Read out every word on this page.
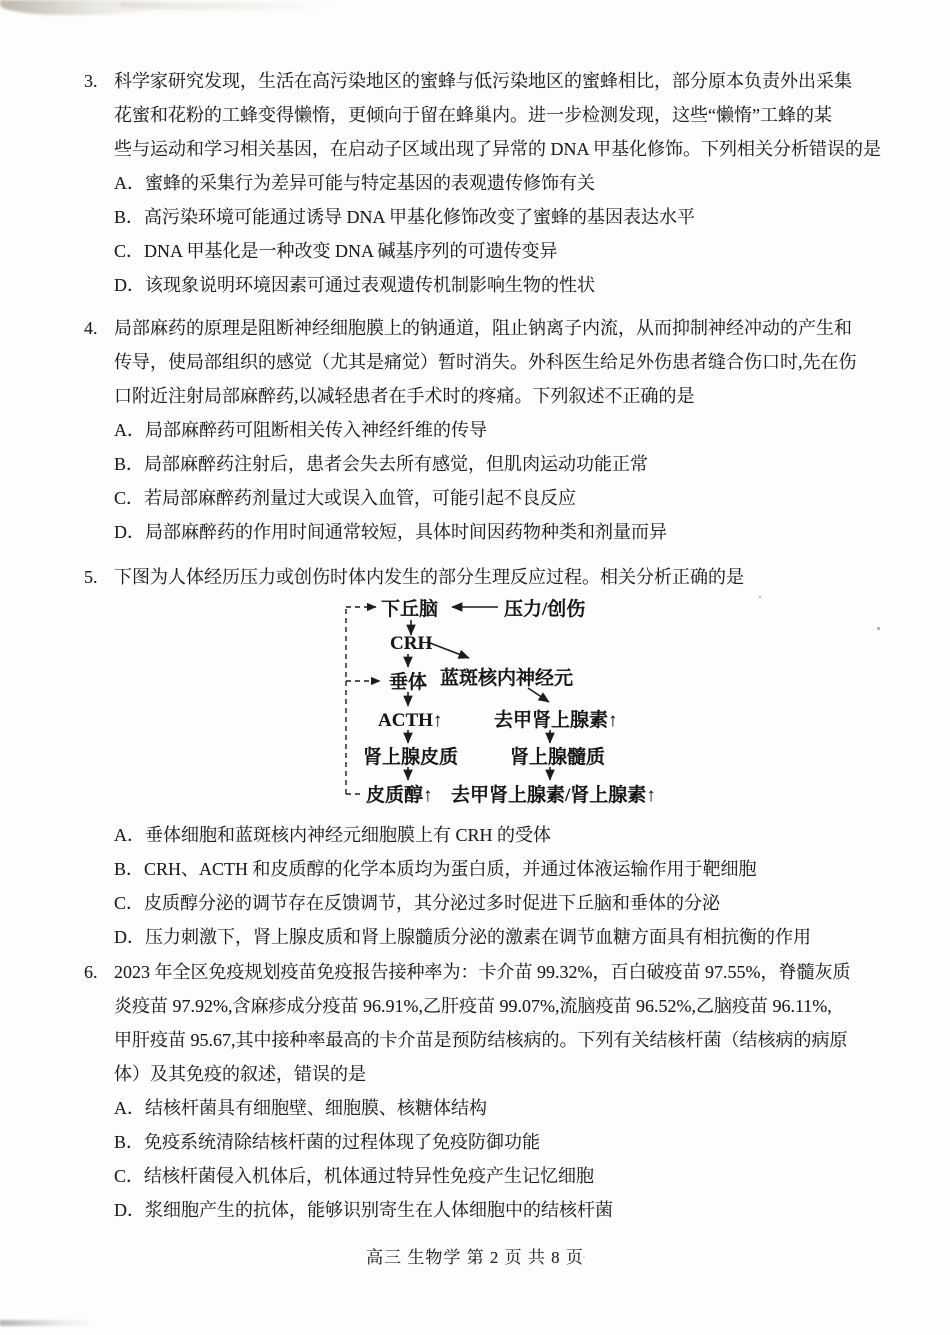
3. 科学家研究发现，生活在高污染地区的蜜蜂与低污染地区的蜜蜂相比，部分原本负责外出采集
花蜜和花粉的工蜂变得懒惰，更倾向于留在蜂巢内。进一步检测发现，这些“懒惰”工蜂的某
些与运动和学习相关基因，在启动子区域出现了异常的 DNA 甲基化修饰。下列相关分析错误的是
A．蜜蜂的采集行为差异可能与特定基因的表观遗传修饰有关
B．高污染环境可能通过诱导 DNA 甲基化修饰改变了蜜蜂的基因表达水平
C．DNA 甲基化是一种改变 DNA 碱基序列的可遗传变异
D．该现象说明环境因素可通过表观遗传机制影响生物的性状
4. 局部麻药的原理是阻断神经细胞膜上的钠通道，阻止钠离子内流，从而抑制神经冲动的产生和
传导，使局部组织的感觉（尤其是痛觉）暂时消失。外科医生给足外伤患者缝合伤口时,先在伤
口附近注射局部麻醉药,以减轻患者在手术时的疼痛。下列叙述不正确的是
A．局部麻醉药可阻断相关传入神经纤维的传导
B．局部麻醉药注射后，患者会失去所有感觉，但肌肉运动功能正常
C．若局部麻醉药剂量过大或误入血管，可能引起不良反应
D．局部麻醉药的作用时间通常较短，具体时间因药物种类和剂量而异
5. 下图为人体经历压力或创伤时体内发生的部分生理反应过程。相关分析正确的是
下丘脑	压力/创伤
CRH
垂体 蓝斑核内神经元
ACTH↑	去甲肾上腺素↑
肾上腺皮质	肾上腺髓质
皮质醇↑ 去甲肾上腺素/肾上腺素↑
A．垂体细胞和蓝斑核内神经元细胞膜上有 CRH 的受体
B．CRH、ACTH 和皮质醇的化学本质均为蛋白质，并通过体液运输作用于靶细胞
C．皮质醇分泌的调节存在反馈调节，其分泌过多时促进下丘脑和垂体的分泌
D．压力刺激下，肾上腺皮质和肾上腺髓质分泌的激素在调节血糖方面具有相抗衡的作用
6. 2023 年全区免疫规划疫苗免疫报告接种率为：卡介苗 99.32%，百白破疫苗 97.55%，脊髓灰质
炎疫苗 97.92%,含麻疹成分疫苗 96.91%,乙肝疫苗 99.07%,流脑疫苗 96.52%,乙脑疫苗 96.11%,
甲肝疫苗 95.67,其中接种率最高的卡介苗是预防结核病的。下列有关结核杆菌（结核病的病原
体）及其免疫的叙述，错误的是
A．结核杆菌具有细胞壁、细胞膜、核糖体结构
B．免疫系统清除结核杆菌的过程体现了免疫防御功能
C．结核杆菌侵入机体后，机体通过特异性免疫产生记忆细胞
D．浆细胞产生的抗体，能够识别寄生在人体细胞中的结核杆菌
高三 生物学 第 2 页 共 8 页
